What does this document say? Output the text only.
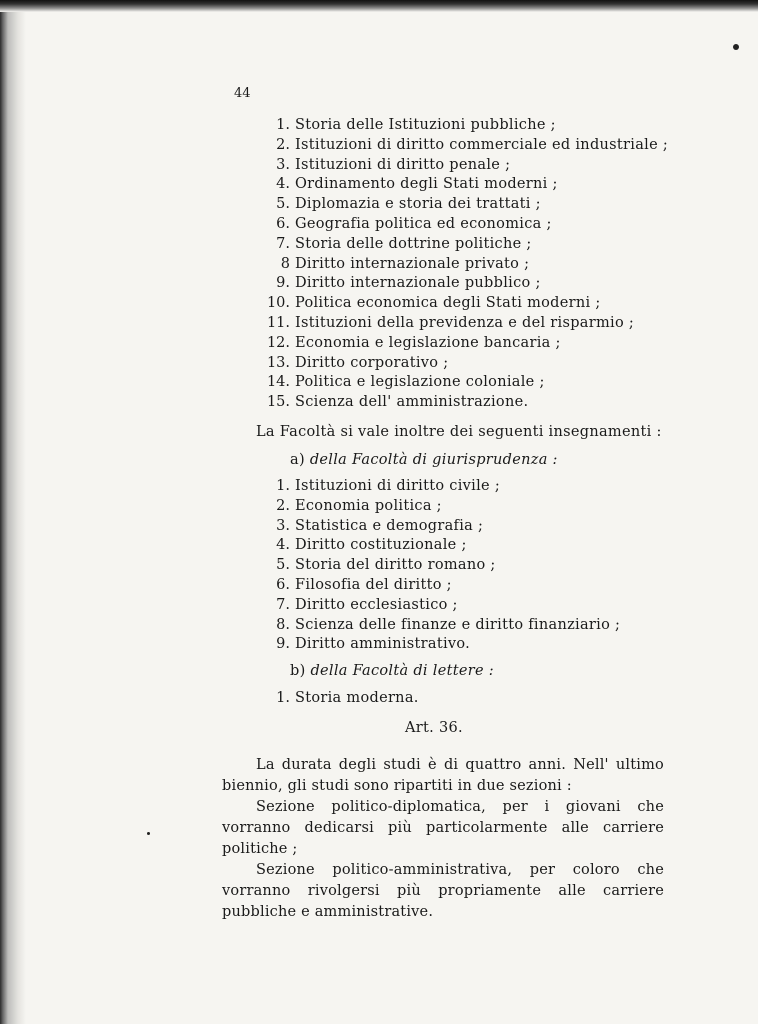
44
1. Storia delle Istituzioni pubbliche ;
2. Istituzioni di diritto commerciale ed industriale ;
3. Istituzioni di diritto penale ;
4. Ordinamento degli Stati moderni ;
5. Diplomazia e storia dei trattati ;
6. Geografia politica ed economica ;
7. Storia delle dottrine politiche ;
8 Diritto internazionale privato ;
9. Diritto internazionale pubblico ;
10. Politica economica degli Stati moderni ;
11. Istituzioni della previdenza e del risparmio ;
12. Economia e legislazione bancaria ;
13. Diritto corporativo ;
14. Politica e legislazione coloniale ;
15. Scienza dell' amministrazione.
La Facoltà si vale inoltre dei seguenti insegnamenti :
a) della Facoltà di giurisprudenza :
1. Istituzioni di diritto civile ;
2. Economia politica ;
3. Statistica e demografia ;
4. Diritto costituzionale ;
5. Storia del diritto romano ;
6. Filosofia del diritto ;
7. Diritto ecclesiastico ;
8. Scienza delle finanze e diritto finanziario ;
9. Diritto amministrativo.
b) della Facoltà di lettere :
1. Storia moderna.
Art. 36.

La durata degli studi è di quattro anni. Nell' ultimo biennio, gli studi sono ripartiti in due sezioni :

Sezione politico-diplomatica, per i giovani che vorranno dedicarsi più particolarmente alle carriere politiche ;

Sezione politico-amministrativa, per coloro che vorranno rivolgersi più propriamente alle carriere pubbliche e amministrative.
